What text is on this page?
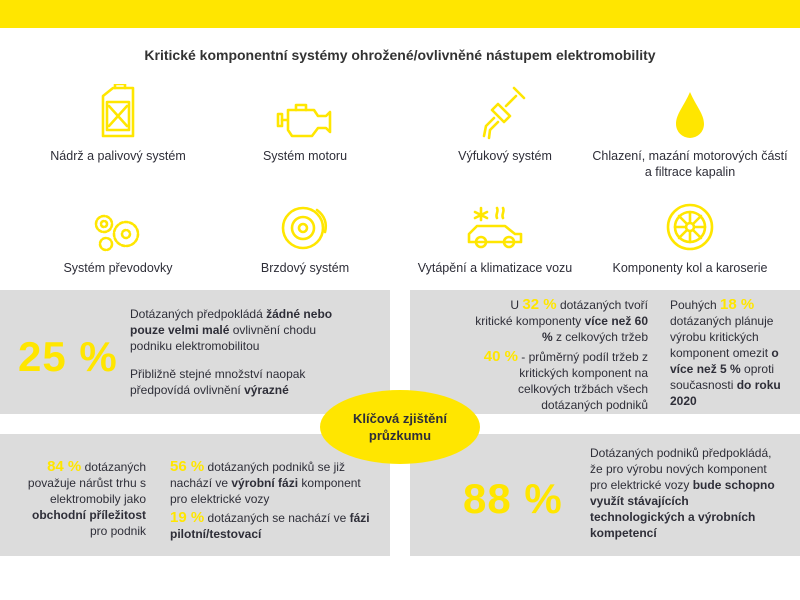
Kritické komponentní systémy ohrožené/ovlivněné nástupem elektromobility
Nádrž a palivový systém	Systém motoru	Výfukový systém	Chlazení, mazání motorových částí a filtrace kapalin
Systém převodovky	Brzdový systém	Vytápění a klimatizace vozu	Komponenty kol a karoserie
25 %
Dotázaných předpokládá žádné nebo pouze velmi malé ovlivnění chodu podniku elektromobilitou
Přibližně stejné množství naopak předpovídá ovlivnění výrazné
U 32 % dotázaných tvoří kritické komponenty více než 60 % z celkových tržeb
40 % - průměrný podíl tržeb z kritických komponent na celkových tržbách všech dotázaných podniků
Pouhých 18 % dotázaných plánuje výrobu kritických komponent omezit o více než 5 % oproti současnosti do roku 2020
84 % dotázaných považuje nárůst trhu s elektromobily jako obchodní příležitost pro podnik
56 % dotázaných podniků se již nachází ve výrobní fázi komponent pro elektrické vozy
19 % dotázaných se nachází ve fázi pilotní/testovací
88 %
Dotázaných podniků předpokládá, že pro výrobu nových komponent pro elektrické vozy bude schopno využít stávajících technologických a výrobních kompetencí
Klíčová zjištění
průzkumu
